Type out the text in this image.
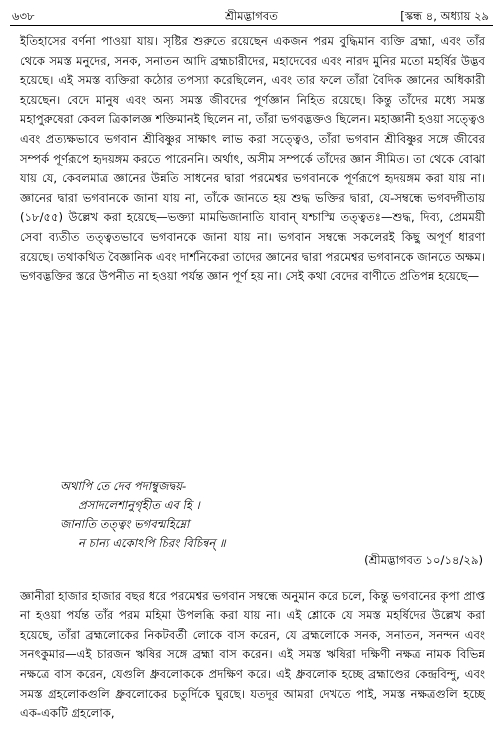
৬৩৮	শ্রীমদ্ভাগবত	[স্কন্ধ ৪, অধ্যায় ২৯

ইতিহাসের বর্ণনা পাওয়া যায়। সৃষ্টির শুরুতে রয়েছেন একজন পরম বুদ্ধিমান ব্যক্তি ব্রহ্মা, এবং তাঁর থেকে সমস্ত মনুদের, সনক, সনাতন আদি ব্রহ্মচারীদের, মহাদেবের এবং নারদ মুনির মতো মহর্ষির উদ্ভব হয়েছে। এই সমস্ত ব্যক্তিরা কঠোর তপস্যা করেছিলেন, এবং তার ফলে তাঁরা বৈদিক জ্ঞানের অধিকারী হয়েছেন। বেদে মানুষ এবং অন্য সমস্ত জীবদের পূর্ণজ্ঞান নিহিত রয়েছে। কিন্তু তাঁদের মধ্যে সমস্ত মহাপুরুষেরা কেবল ত্রিকালজ্ঞ শক্তিমানই ছিলেন না, তাঁরা ভগবদ্ভক্তও ছিলেন। মহাজ্ঞানী হওয়া সত্ত্বেও এবং প্রত্যক্ষভাবে ভগবান শ্রীবিষ্ণুর সাক্ষাৎ লাভ করা সত্ত্বেও, তাঁরা ভগবান শ্রীবিষ্ণুর সঙ্গে জীবের সম্পর্ক পূর্ণরূপে হৃদয়ঙ্গম করতে পারেননি। অর্থাৎ, অসীম সম্পর্কে তাঁদের জ্ঞান সীমিত। তা থেকে বোঝা যায় যে, কেবলমাত্র জ্ঞানের উন্নতি সাধনের দ্বারা পরমেশ্বর ভগবানকে পূর্ণরূপে হৃদয়ঙ্গম করা যায় না। জ্ঞানের দ্বারা ভগবানকে জানা যায় না, তাঁকে জানতে হয় শুদ্ধ ভক্তির দ্বারা, যে-সম্বন্ধে ভগবদ্গীতায় (১৮/৫৫) উল্লেখ করা হয়েছে—ভক্ত্যা মামভিজানাতি যাবান্ যশ্চাস্মি তত্ত্বতঃ—শুদ্ধ, দিব্য, প্রেমময়ী সেবা ব্যতীত তত্ত্বতভাবে ভগবানকে জানা যায় না। ভগবান সম্বন্ধে সকলেরই কিছু অপূর্ণ ধারণা রয়েছে। তথাকথিত বৈজ্ঞানিক এবং দার্শনিকেরা তাদের জ্ঞানের দ্বারা পরমেশ্বর ভগবানকে জানতে অক্ষম। ভগবদ্ভক্তির স্তরে উপনীত না হওয়া পর্যন্ত জ্ঞান পূর্ণ হয় না। সেই কথা বেদের বাণীতে প্রতিপন্ন হয়েছে—

অথাপি তে দেব পদাম্বুজদ্বয়-
প্রসাদলেশানুগৃহীত এব হি ।
জানাতি তত্ত্বং ভগবন্মহিম্নো
ন চান্য একোঽপি চিরং বিচিন্বন্ ॥
(শ্রীমদ্ভাগবত ১০/১৪/২৯)

জ্ঞানীরা হাজার হাজার বছর ধরে পরমেশ্বর ভগবান সম্বন্ধে অনুমান করে চলে, কিন্তু ভগবানের কৃপা প্রাপ্ত না হওয়া পর্যন্ত তাঁর পরম মহিমা উপলব্ধি করা যায় না। এই শ্লোকে যে সমস্ত মহর্ষিদের উল্লেখ করা হয়েছে, তাঁরা ব্রহ্মলোকের নিকটবর্তী লোকে বাস করেন, যে ব্রহ্মলোকে সনক, সনাতন, সনন্দন এবং সনৎকুমার—এই চারজন ঋষির সঙ্গে ব্রহ্মা বাস করেন। এই সমস্ত ঋষিরা দক্ষিণী নক্ষত্র নামক বিভিন্ন নক্ষত্রে বাস করেন, যেগুলি ধ্রুবলোককে প্রদক্ষিণ করে। এই ধ্রুবলোক হচ্ছে ব্রহ্মাণ্ডের কেন্দ্রবিন্দু, এবং সমস্ত গ্রহলোকগুলি ধ্রুবলোকের চতুর্দিকে ঘুরছে। যতদূর আমরা দেখতে পাই, সমস্ত নক্ষত্রগুলি হচ্ছে এক-একটি গ্রহলোক,
